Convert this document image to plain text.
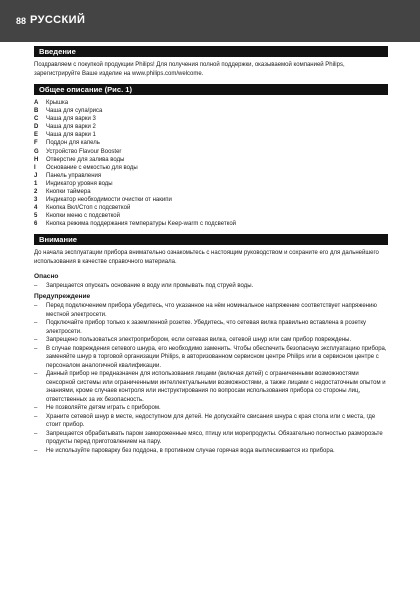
88 РУССКИЙ
Введение

Поздравляем с покупкой продукции Philips! Для получения полной поддержки, оказываемой компанией Philips, зарегистрируйте Ваше изделие на www.philips.com/welcome.

Общее описание (Рис. 1)
A	Крышка
B	Чаша для супа/риса
C	Чаша для варки 3
D	Чаша для варки 2
E	Чаша для варки 1
F	Поддон для капель
G	Устройство Flavour Booster
H	Отверстие для залива воды
I	Основание с емкостью для воды
J	Панель управления
1	Индикатор уровня воды
2	Кнопки таймера
3	Индикатор необходимости очистки от накипи
4	Кнопка Вкл/Стоп с подсветкой
5	Кнопки меню с подсветкой
6	Кнопка режима поддержания температуры Keep-warm с подсветкой
Внимание

До начала эксплуатации прибора внимательно ознакомьтесь с настоящим руководством и сохраните его для дальнейшего использования в качестве справочного материала.

Опасно
–	Запрещается опускать основание в воду или промывать под струей воды.
Предупреждение
–	Перед подключением прибора убедитесь, что указанное на нём номинальное напряжение соответствует напряжению местной электросети.
–	Подключайте прибор только к заземленной розетке. Убедитесь, что сетевая вилка правильно вставлена в розетку электросети.
–	Запрещено пользоваться электроприбором, если сетевая вилка, сетевой шнур или сам прибор повреждены.
–	В случае повреждения сетевого шнура, его необходимо заменить. Чтобы обеспечить безопасную эксплуатацию прибора, заменяйте шнур в торговой организации Philips, в авторизованном сервисном центре Philips или в сервисном центре с персоналом аналогичной квалификации.
–	Данный прибор не предназначен для использования лицами (включая детей) с ограниченными возможностями сенсорной системы или ограниченными интеллектуальными возможностями, а также лицами с недостаточным опытом и знаниями, кроме случаев контроля или инструктирования по вопросам использования прибора со стороны лиц, ответственных за их безопасность.
–	Не позволяйте детям играть с прибором.
–	Храните сетевой шнур в месте, недоступном для детей. Не допускайте свисания шнура с края стола или с места, где стоит прибор.
–	Запрещается обрабатывать паром замороженные мясо, птицу или морепродукты. Обязательно полностью разморозьте продукты перед приготовлением на пару.
–	Не используйте пароварку без поддона, в противном случае горячая вода выплескивается из прибора.
